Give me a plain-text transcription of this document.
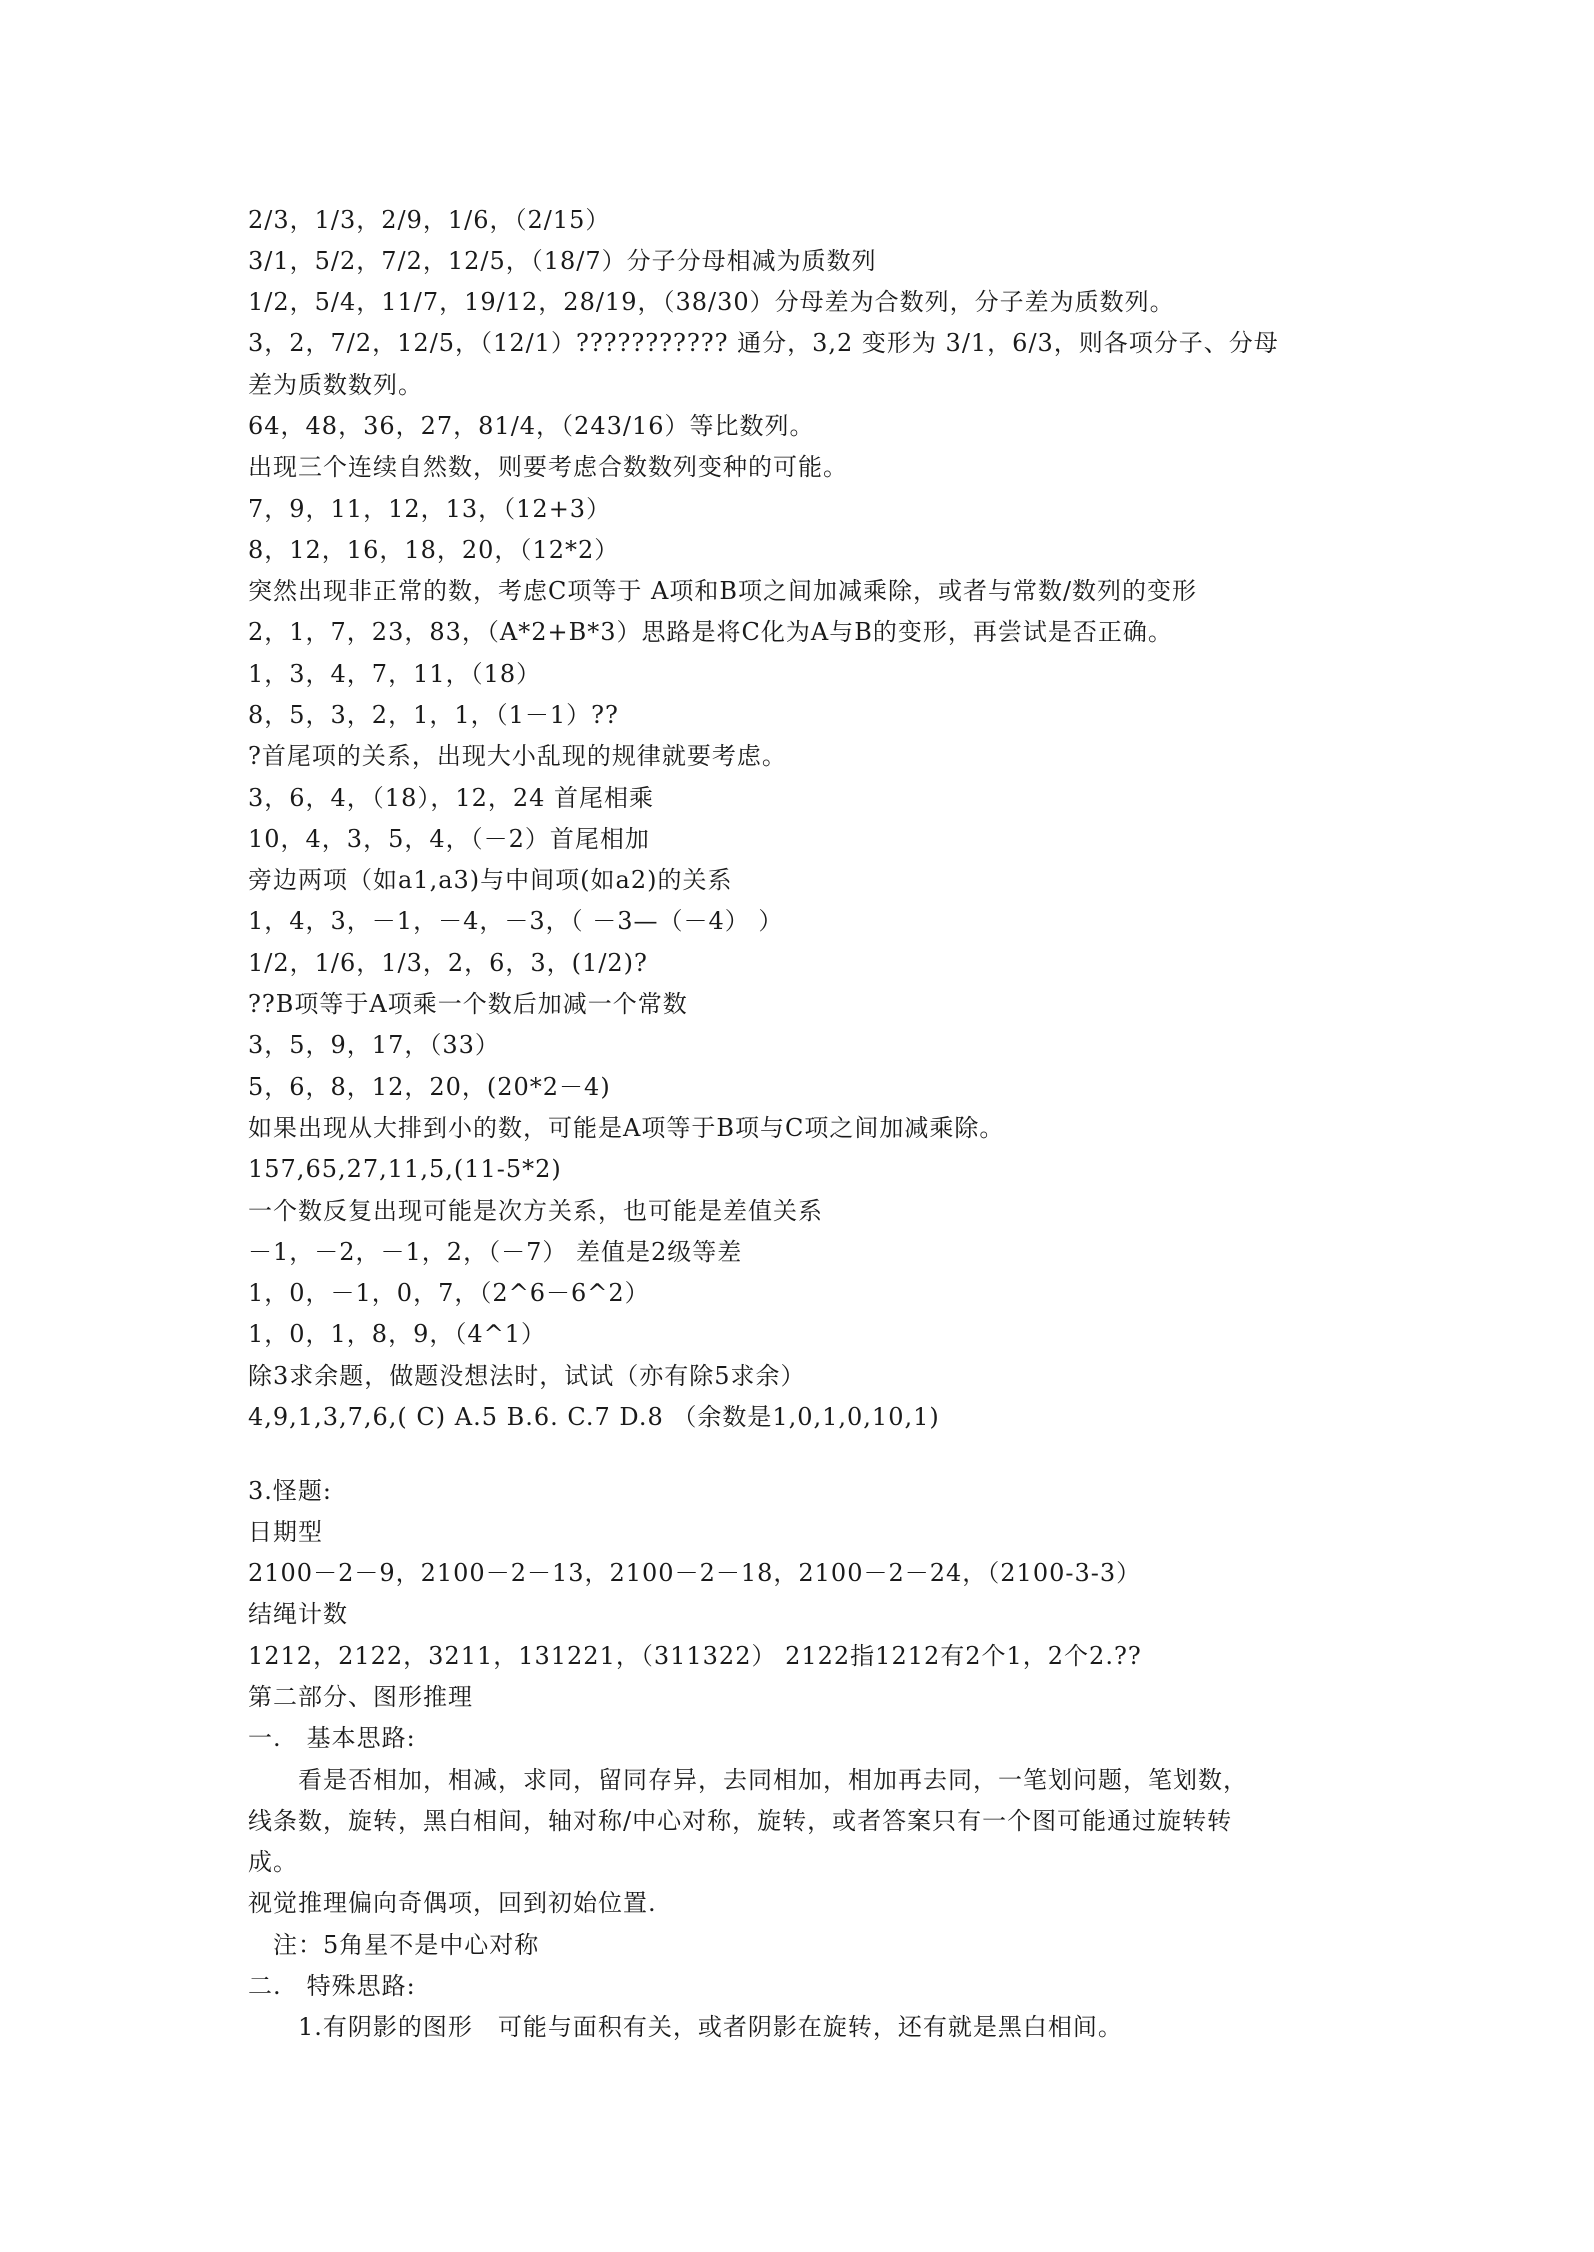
2/3，1/3，2/9，1/6，（2/15）
3/1，5/2，7/2，12/5，（18/7）分子分母相减为质数列
1/2，5/4，11/7，19/12，28/19，（38/30）分母差为合数列，分子差为质数列。
3，2，7/2，12/5，（12/1）??????????? 通分，3,2 变形为 3/1，6/3，则各项分子、分母
差为质数数列。
64，48，36，27，81/4，（243/16）等比数列。
出现三个连续自然数，则要考虑合数数列变种的可能。
7，9，11，12，13，（12+3）
8，12，16，18，20，（12*2）
突然出现非正常的数，考虑C项等于 A项和B项之间加减乘除，或者与常数/数列的变形
2，1，7，23，83，（A*2+B*3）思路是将C化为A与B的变形，再尝试是否正确。
1，3，4，7，11，（18）
8，5，3，2，1，1，（1－1）??
?首尾项的关系，出现大小乱现的规律就要考虑。
3，6，4，（18），12，24 首尾相乘
10，4，3，5，4，（－2）首尾相加
旁边两项（如a1,a3)与中间项(如a2)的关系
1，4，3，－1，－4，－3，（ －3—（－4） ）
1/2，1/6，1/3，2，6，3，(1/2)?
??B项等于A项乘一个数后加减一个常数
3，5，9，17，（33）
5，6，8，12，20，(20*2－4)
如果出现从大排到小的数，可能是A项等于B项与C项之间加减乘除。
157,65,27,11,5,(11-5*2)
一个数反复出现可能是次方关系，也可能是差值关系
－1，－2，－1，2，（－7） 差值是2级等差
1，0，－1，0，7，（2^6－6^2）
1，0，1，8，9，（4^1）
除3求余题，做题没想法时，试试（亦有除5求余）
4,9,1,3,7,6,( C) A.5 B.6. C.7 D.8 （余数是1,0,1,0,10,1)
3.怪题:
日期型
2100－2－9，2100－2－13，2100－2－18，2100－2－24，（2100-3-3）
结绳计数
1212，2122，3211，131221，（311322） 2122指1212有2个1，2个2.??
第二部分、图形推理
一.　基本思路:
　　看是否相加，相减，求同，留同存异，去同相加，相加再去同，一笔划问题，笔划数，
线条数，旋转，黑白相间，轴对称/中心对称，旋转，或者答案只有一个图可能通过旋转转
成。
视觉推理偏向奇偶项，回到初始位置.
　注：5角星不是中心对称
二.　特殊思路:
　　1.有阴影的图形　可能与面积有关，或者阴影在旋转，还有就是黑白相间。
